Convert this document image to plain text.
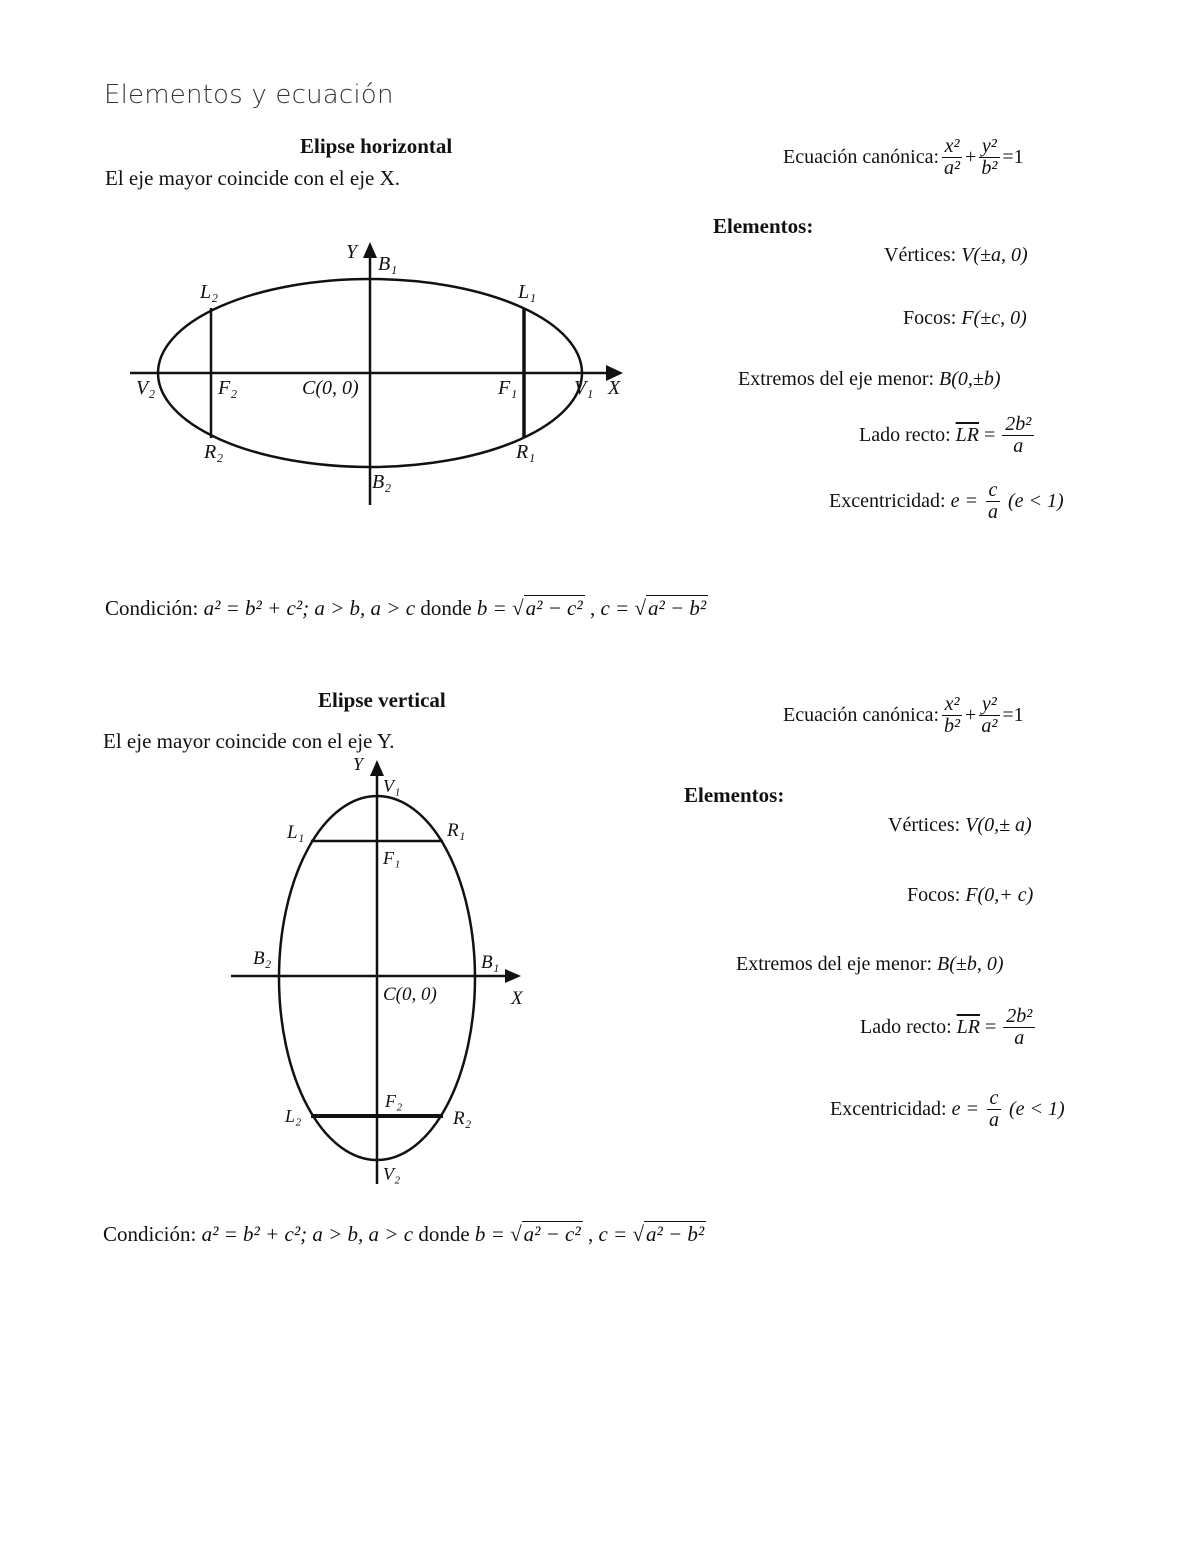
Elementos y ecuación
Elipse horizontal
El eje mayor coincide con el eje X.
Y
B₁
B₂
L₂	L₁
R₂	R₁
V₂	V₁
F₂	F₁
C(0, 0)	X
Ecuación canónica: $\frac{\text{x²}}{\text{a²}} + \frac{\text{y²}}{\text{b²}} =1$
Elementos:
Vértices: V(±a, 0)
Focos: F(±c, 0)
Extremos del eje menor: B(0,±b)
Lado recto:
$\overline{LR}$
=
$\frac{\text{2b²}}{a}$
Excentricidad:
e =
$\frac{c}{a}$
(e < 1)
Condición: a² = b² + c²; a > b, a > c donde b = √a² − c² , c = √a² − b²
Elipse vertical
El eje mayor coincide con el eje Y.
Y
V₁
L₁	R₁
F₁
B₂	B₁
C(0, 0)	X
F₂
L₂	R₂
V₂
Ecuación canónica: $\frac{\text{x²}}{\text{b²}} + \frac{\text{y²}}{\text{a²}} =1$
Elementos:
Vértices: V(0,± a)
Focos: F(0,+ c)
Extremos del eje menor: B(±b, 0)
Lado recto:
$\overline{LR}$
=
$\frac{\text{2b²}}{a}$
Excentricidad:
e =
$\frac{c}{a}$
(e < 1)
Condición: a² = b² + c²; a > b, a > c donde b = √a² − c² , c = √a² − b²
